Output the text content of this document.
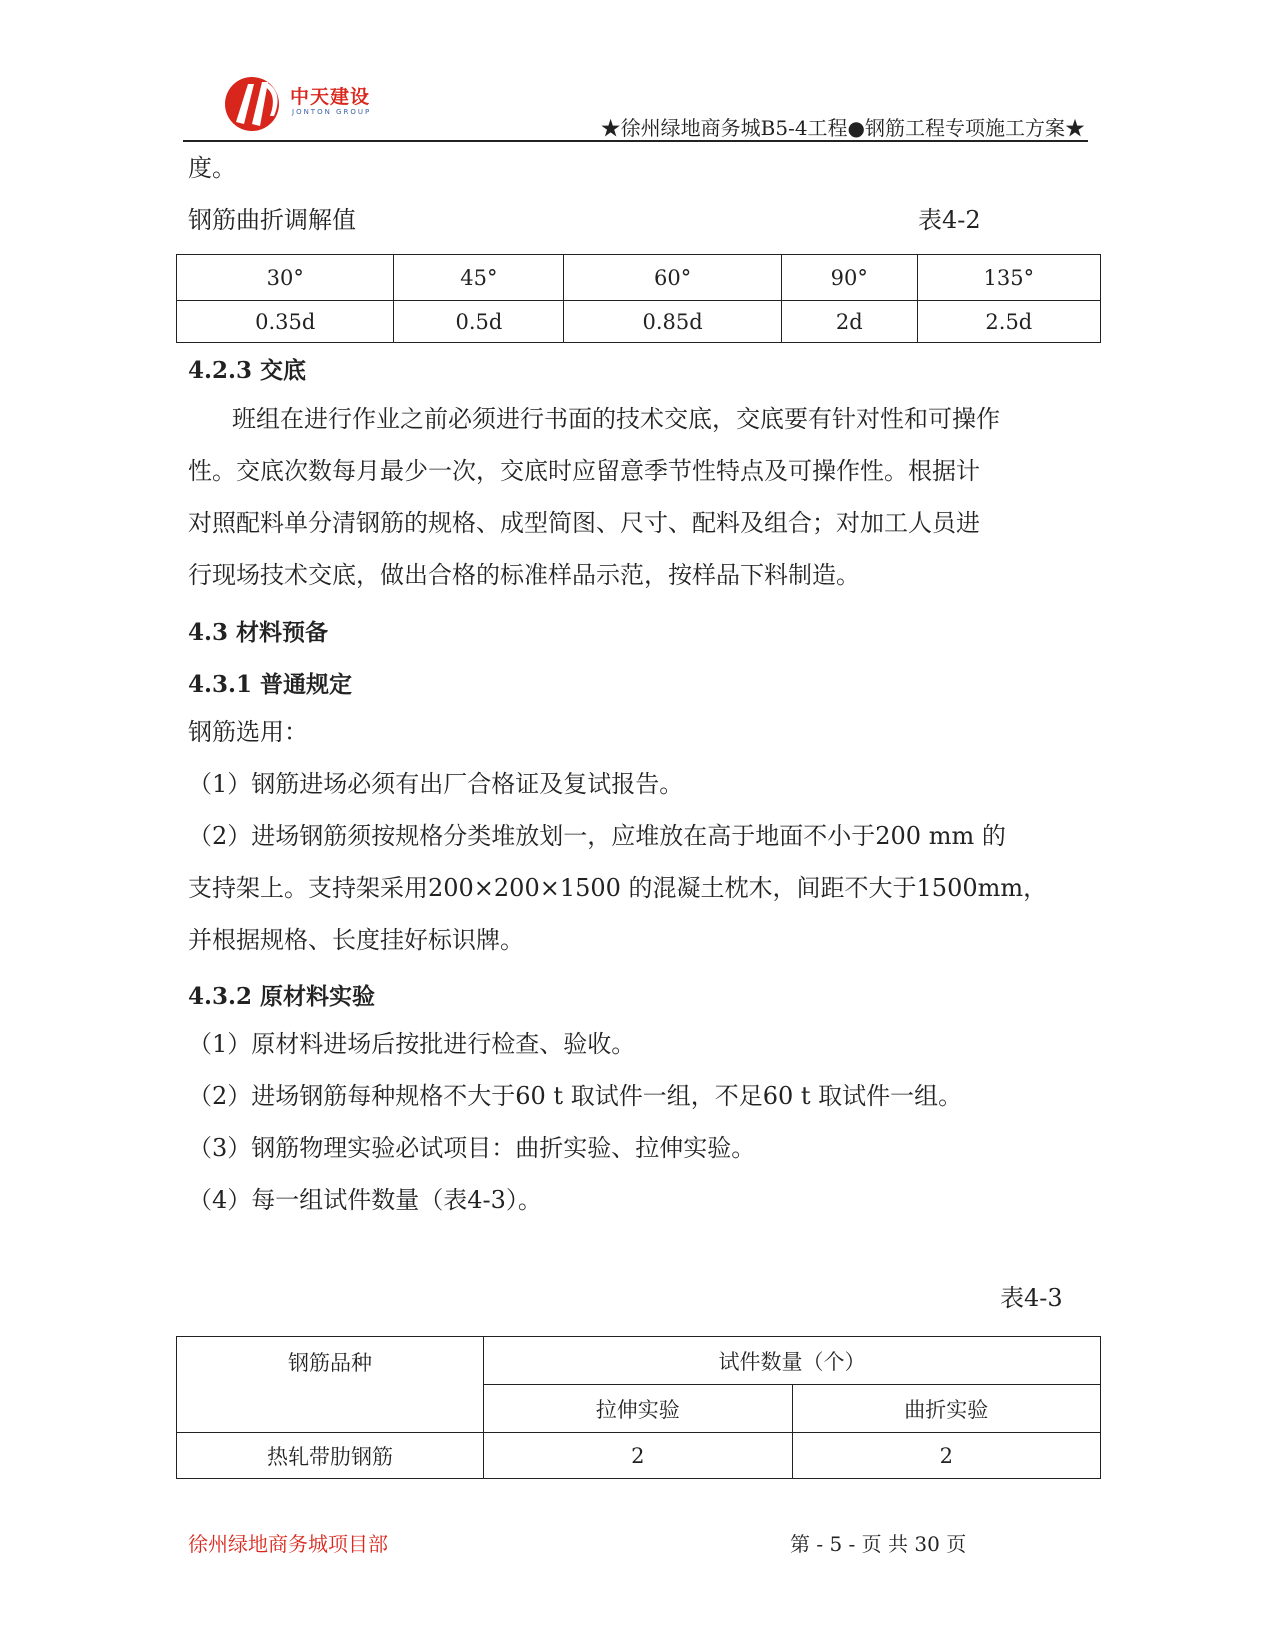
中天建设
JONTON GROUP
★徐州绿地商务城B5-4工程●钢筋工程专项施工方案★
度。
钢筋曲折调解值	表4-2
30°	45°	60°	90°	135°
0.35d	0.5d	0.85d	2d	2.5d
4.2.3 交底
班组在进行作业之前必须进行书面的技术交底，交底要有针对性和可操作
性。交底次数每月最少一次，交底时应留意季节性特点及可操作性。根据计
对照配料单分清钢筋的规格、成型简图、尺寸、配料及组合；对加工人员进
行现场技术交底，做出合格的标准样品示范，按样品下料制造。
4.3 材料预备
4.3.1 普通规定
钢筋选用：
（1）钢筋进场必须有出厂合格证及复试报告。
（2）进场钢筋须按规格分类堆放划一，应堆放在高于地面不小于200 mm 的
支持架上。支持架采用200×200×1500 的混凝土枕木，间距不大于1500mm，
并根据规格、长度挂好标识牌。
4.3.2 原材料实验
（1）原材料进场后按批进行检查、验收。
（2）进场钢筋每种规格不大于60 t 取试件一组，不足60 t 取试件一组。
（3）钢筋物理实验必试项目：曲折实验、拉伸实验。
（4）每一组试件数量（表4-3）。
表4-3
钢筋品种	试件数量（个）	
	拉伸实验	曲折实验
热轧带肋钢筋	2	2
徐州绿地商务城项目部	第 - 5 - 页 共 30 页
